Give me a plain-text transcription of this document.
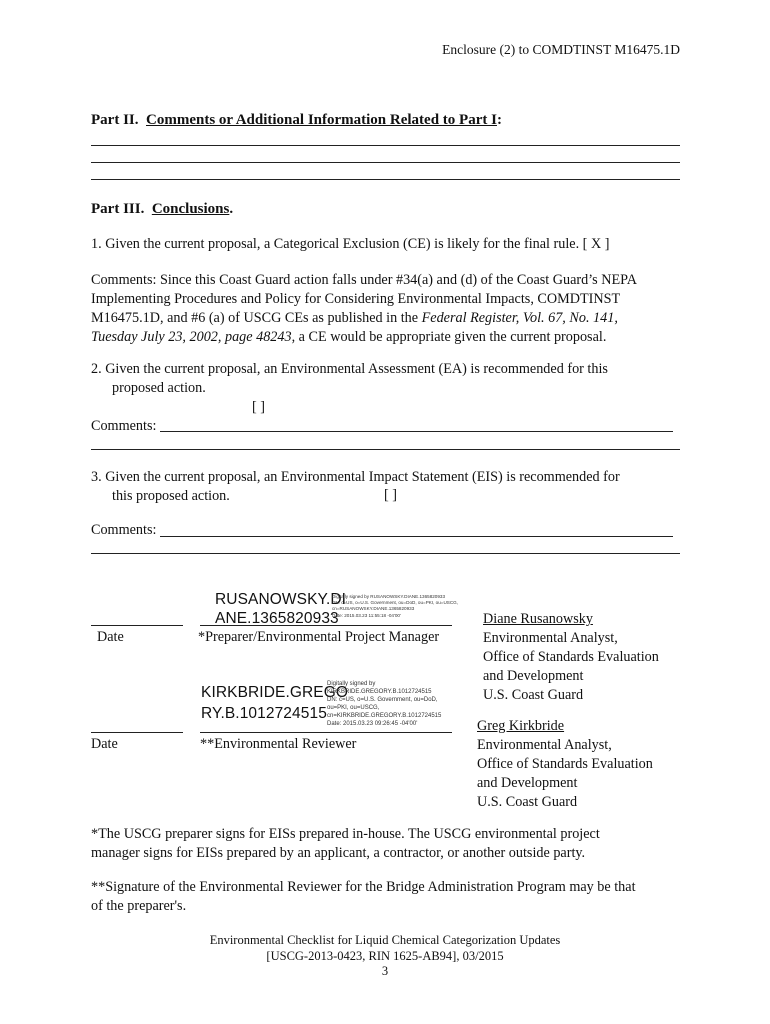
Enclosure (2) to COMDTINST M16475.1D
Part II. Comments or Additional Information Related to Part I:
Part III. Conclusions.
1. Given the current proposal, a Categorical Exclusion (CE) is likely for the final rule. [ X ]
Comments: Since this Coast Guard action falls under #34(a) and (d) of the Coast Guard’s NEPA
Implementing Procedures and Policy for Considering Environmental Impacts, COMDTINST
M16475.1D, and #6 (a) of USCG CEs as published in the Federal Register, Vol. 67, No. 141,
Tuesday July 23, 2002, page 48243, a CE would be appropriate given the current proposal.
2. Given the current proposal, an Environmental Assessment (EA) is recommended for this
proposed action.
[ ]
Comments:
3. Given the current proposal, an Environmental Impact Statement (EIS) is recommended for
this proposed action.	[ ]
Comments:
RUSANOWSKY.DI
ANE.1365820933
Digitally signed by RUSANOWSKY.DIANE.1365820933
DN: c=US, o=U.S. Government, ou=DoD, ou=PKI, ou=USCG,
cn=RUSANOWSKY.DIANE.1365820933
Date: 2015.03.23 11:55:18 -04'00'
Date	*Preparer/Environmental Project Manager
Diane Rusanowsky
Environmental Analyst,
Office of Standards Evaluation
and Development
U.S. Coast Guard
KIRKBRIDE.GREGO
RY.B.1012724515
Digitally signed by
KIRKBRIDE.GREGORY.B.1012724515
DN: c=US, o=U.S. Government, ou=DoD,
ou=PKI, ou=USCG,
cn=KIRKBRIDE.GREGORY.B.1012724515
Date: 2015.03.23 09:26:45 -04'00'
Date	**Environmental Reviewer
Greg Kirkbride
Environmental Analyst,
Office of Standards Evaluation
and Development
U.S. Coast Guard
*The USCG preparer signs for EISs prepared in-house. The USCG environmental project
manager signs for EISs prepared by an applicant, a contractor, or another outside party.
**Signature of the Environmental Reviewer for the Bridge Administration Program may be that
of the preparer's.
Environmental Checklist for Liquid Chemical Categorization Updates
[USCG-2013-0423, RIN 1625-AB94], 03/2015
3
